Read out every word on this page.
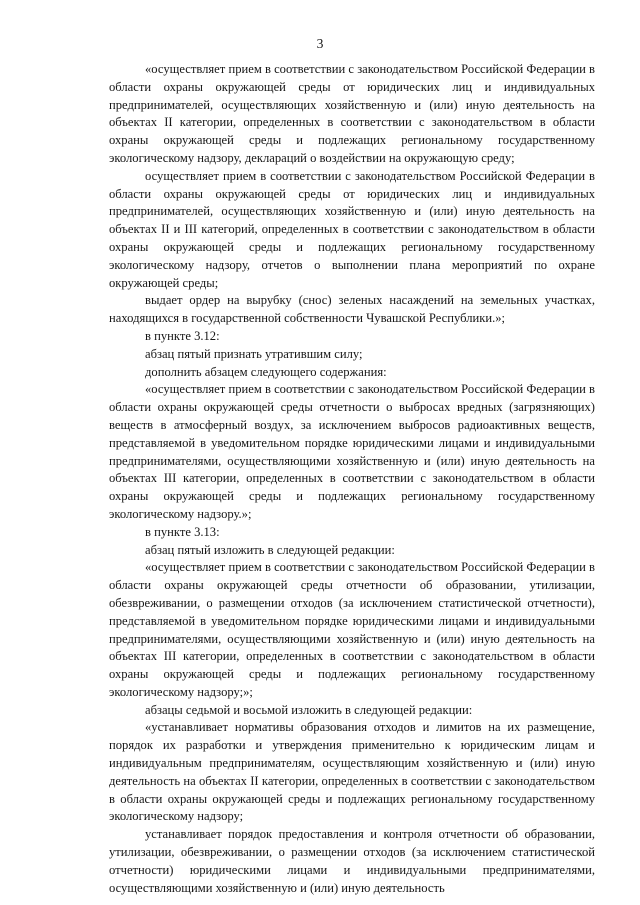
3

«осуществляет прием в соответствии с законодательством Российской Федерации в области охраны окружающей среды от юридических лиц и индивидуальных предпринимателей, осуществляющих хозяйственную и (или) иную деятельность на объектах II категории, определенных в соответствии с законодательством в области охраны окружающей среды и подлежащих региональному государственному экологическому надзору, деклараций о воздействии на окружающую среду;

осуществляет прием в соответствии с законодательством Российской Федерации в области охраны окружающей среды от юридических лиц и индивидуальных предпринимателей, осуществляющих хозяйственную и (или) иную деятельность на объектах II и III категорий, определенных в соответствии с законодательством в области охраны окружающей среды и подлежащих региональному государственному экологическому надзору, отчетов о выполнении плана мероприятий по охране окружающей среды;

выдает ордер на вырубку (снос) зеленых насаждений на земельных участках, находящихся в государственной собственности Чувашской Республики.»;

в пункте 3.12:

абзац пятый признать утратившим силу;

дополнить абзацем следующего содержания:

«осуществляет прием в соответствии с законодательством Российской Федерации в области охраны окружающей среды отчетности о выбросах вредных (загрязняющих) веществ в атмосферный воздух, за исключением выбросов радиоактивных веществ, представляемой в уведомительном порядке юридическими лицами и индивидуальными предпринимателями, осуществляющими хозяйственную и (или) иную деятельность на объектах III категории, определенных в соответствии с законодательством в области охраны окружающей среды и подлежащих региональному государственному экологическому надзору.»;

в пункте 3.13:

абзац пятый изложить в следующей редакции:

«осуществляет прием в соответствии с законодательством Российской Федерации в области охраны окружающей среды отчетности об образовании, утилизации, обезвреживании, о размещении отходов (за исключением статистической отчетности), представляемой в уведомительном порядке юридическими лицами и индивидуальными предпринимателями, осуществляющими хозяйственную и (или) иную деятельность на объектах III категории, определенных в соответствии с законодательством в области охраны окружающей среды и подлежащих региональному государственному экологическому надзору;»;

абзацы седьмой и восьмой изложить в следующей редакции:

«устанавливает нормативы образования отходов и лимитов на их размещение, порядок их разработки и утверждения применительно к юридическим лицам и индивидуальным предпринимателям, осуществляющим хозяйственную и (или) иную деятельность на объектах II категории, определенных в соответствии с законодательством в области охраны окружающей среды и подлежащих региональному государственному экологическому надзору;

устанавливает порядок предоставления и контроля отчетности об образовании, утилизации, обезвреживании, о размещении отходов (за исключением статистической отчетности) юридическими лицами и индивидуальными предпринимателями, осуществляющими хозяйственную и (или) иную деятельность
